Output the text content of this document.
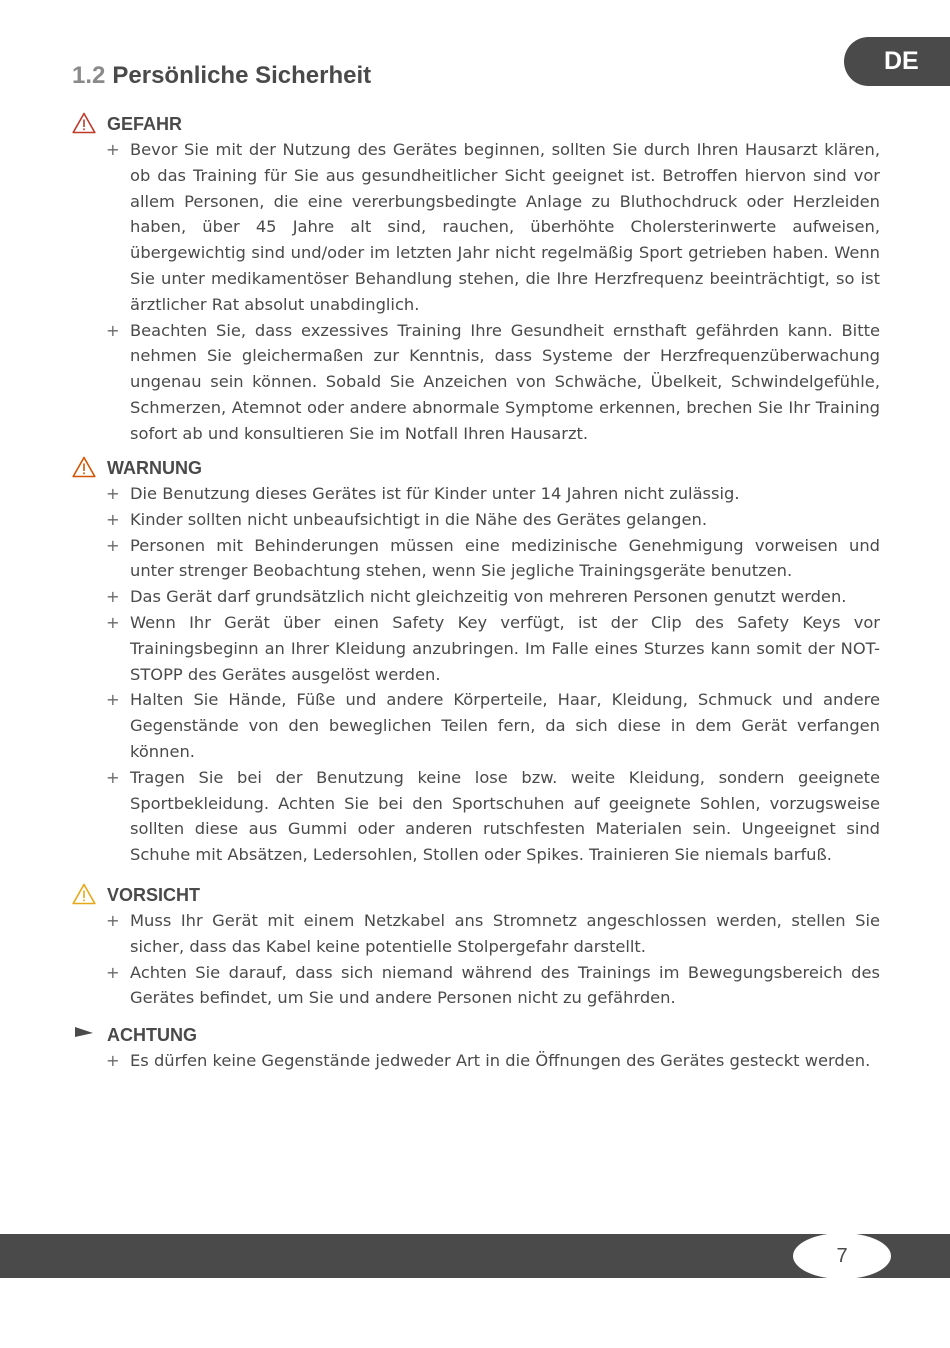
DE
1.2 Persönliche Sicherheit
GEFAHR
+ Bevor Sie mit der Nutzung des Gerätes beginnen, sollten Sie durch Ihren Hausarzt klären, ob das Training für Sie aus gesundheitlicher Sicht geeignet ist. Betroffen hiervon sind vor allem Personen, die eine vererbungsbedingte Anlage zu Bluthochdruck oder Herzleiden haben, über 45 Jahre alt sind, rauchen, überhöhte Cholersterinwerte aufweisen, übergewichtig sind und/oder im letzten Jahr nicht regelmäßig Sport getrieben haben. Wenn Sie unter medikamentöser Behandlung stehen, die Ihre Herzfrequenz beeinträchtigt, so ist ärztlicher Rat absolut unabdinglich.
+ Beachten Sie, dass exzessives Training Ihre Gesundheit ernsthaft gefährden kann. Bitte nehmen Sie gleichermaßen zur Kenntnis, dass Systeme der Herzfrequenzüberwachung ungenau sein können. Sobald Sie Anzeichen von Schwäche, Übelkeit, Schwindelgefühle, Schmerzen, Atemnot oder andere abnormale Symptome erkennen, brechen Sie Ihr Training sofort ab und konsultieren Sie im Notfall Ihren Hausarzt.
WARNUNG
+ Die Benutzung dieses Gerätes ist für Kinder unter 14 Jahren nicht zulässig.
+ Kinder sollten nicht unbeaufsichtigt in die Nähe des Gerätes gelangen.
+ Personen mit Behinderungen müssen eine medizinische Genehmigung vorweisen und unter strenger Beobachtung stehen, wenn Sie jegliche Trainingsgeräte benutzen.
+ Das Gerät darf grundsätzlich nicht gleichzeitig von mehreren Personen genutzt werden.
+ Wenn Ihr Gerät über einen Safety Key verfügt, ist der Clip des Safety Keys vor Trainingsbeginn an Ihrer Kleidung anzubringen. Im Falle eines Sturzes kann somit der NOT-STOPP des Gerätes ausgelöst werden.
+ Halten Sie Hände, Füße und andere Körperteile, Haar, Kleidung, Schmuck und andere Gegenstände von den beweglichen Teilen fern, da sich diese in dem Gerät verfangen können.
+ Tragen Sie bei der Benutzung keine lose bzw. weite Kleidung, sondern geeignete Sportbekleidung. Achten Sie bei den Sportschuhen auf geeignete Sohlen, vorzugsweise sollten diese aus Gummi oder anderen rutschfesten Materialen sein. Ungeeignet sind Schuhe mit Absätzen, Ledersohlen, Stollen oder Spikes. Trainieren Sie niemals barfuß.
VORSICHT
+ Muss Ihr Gerät mit einem Netzkabel ans Stromnetz angeschlossen werden, stellen Sie sicher, dass das Kabel keine potentielle Stolpergefahr darstellt.
+ Achten Sie darauf, dass sich niemand während des Trainings im Bewegungsbereich des Gerätes befindet, um Sie und andere Personen nicht zu gefährden.
ACHTUNG
+ Es dürfen keine Gegenstände jedweder Art in die Öffnungen des Gerätes gesteckt werden.
7
